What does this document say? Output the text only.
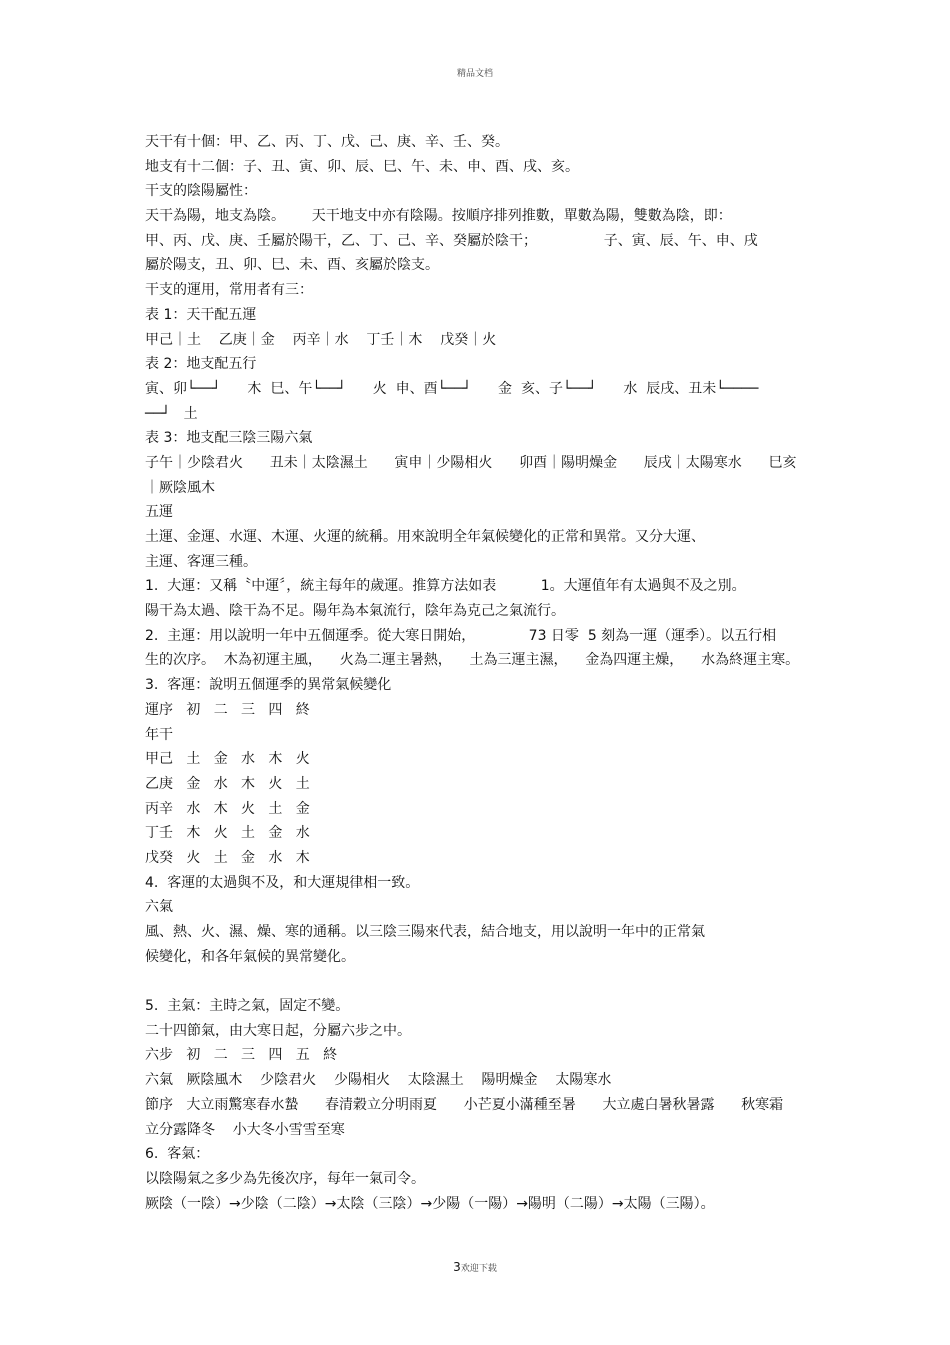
精品文档
天干有十個：甲、乙、丙、丁、戊、己、庚、辛、壬、癸。
地支有十二個：子、丑、寅、卯、辰、巳、午、未、申、酉、戌、亥。
干支的陰陽屬性：
天干為陽，地支為陰。      天干地支中亦有陰陽。按順序排列推數，單數為陽，雙數為陰，即：
甲、丙、戊、庚、壬屬於陽干，乙、丁、己、辛、癸屬於陰干；               子、寅、辰、午、申、戌
屬於陽支，丑、卯、巳、未、酉、亥屬於陰支。
干支的運用，常用者有三：
表 1：天干配五運
甲己｜土    乙庚｜金    丙辛｜水    丁壬｜木    戊癸｜火
表 2：地支配五行
寅、卯└──┘      木  巳、午└──┘      火  申、酉└──┘      金  亥、子└──┘      水  辰戌、丑未└────
──┘   土
表 3：地支配三陰三陽六氣
子午｜少陰君火      丑未｜太陰濕土      寅申｜少陽相火      卯酉｜陽明燥金      辰戌｜太陽寒水      巳亥
｜厥陰風木
五運
土運、金運、水運、木運、火運的統稱。用來說明全年氣候變化的正常和異常。又分大運、
主運、客運三種。
1.  大運：又稱〝中運〞，統主每年的歲運。推算方法如表          1。大運值年有太過與不及之別。
陽干為太過、陰干為不足。陽年為本氣流行，陰年為克己之氣流行。
2.  主運：用以說明一年中五個運季。從大寒日開始，            73 日零  5 刻為一運（運季）。以五行相
生的次序。  木為初運主風，    火為二運主暑熱，    土為三運主濕，    金為四運主燥，    水為終運主寒。
3.  客運：說明五個運季的異常氣候變化
運序   初   二   三   四   終
年干
甲己   土   金   水   木   火
乙庚   金   水   木   火   土
丙辛   水   木   火   土   金
丁壬   木   火   土   金   水
戊癸   火   土   金   水   木
4.  客運的太過與不及，和大運規律相一致。
六氣
風、熱、火、濕、燥、寒的通稱。以三陰三陽來代表，結合地支，用以說明一年中的正常氣
候變化，和各年氣候的異常變化。
5.  主氣：主時之氣，固定不變。
二十四節氣，由大寒日起，分屬六步之中。
六步   初   二   三   四   五   終
六氣   厥陰風木    少陰君火    少陽相火    太陰濕土    陽明燥金    太陽寒水
節序   大立雨驚寒春水蟄      春清穀立分明雨夏      小芒夏小滿種至暑      大立處白暑秋暑露      秋寒霜
立分露降冬    小大冬小雪雪至寒
6.  客氣：
以陰陽氣之多少為先後次序，每年一氣司令。
厥陰（一陰）→少陰（二陰）→太陰（三陰）→少陽（一陽）→陽明（二陽）→太陽（三陽）。
3欢迎下载
